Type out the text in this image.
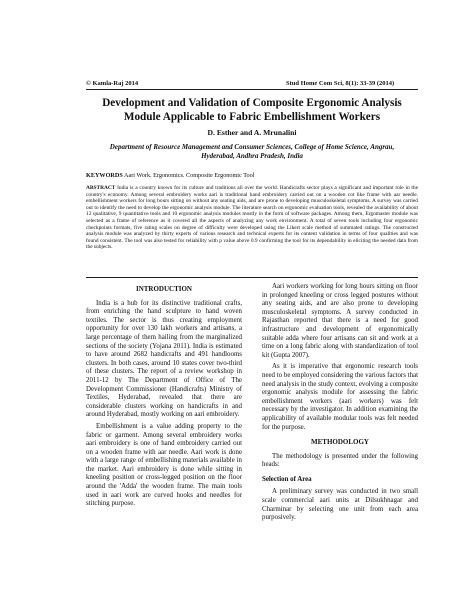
© Kamla-Raj 2014	Stud Home Com Sci, 8(1): 33-39 (2014)
Development and Validation of Composite Ergonomic Analysis Module Applicable to Fabric Embellishment Workers
D. Esther and A. Mrunalini
Department of Resource Management and Consumer Sciences, College of Home Science, Angrau, Hyderabad, Andhra Pradesh, India
KEYWORDS Aari Work. Ergonomics. Composite Ergonomic Tool
ABSTRACT India is a country known for its culture and traditions all over the world. Handicrafts sector plays a significant and important role in the country's economy. Among several embroidery works aari is traditional hand embroidery carried out on a wooden cot like frame with aar needle. embellishment workers for long hours sitting on without any seating aids, and are prone to developing musculoskeletal symptoms. A survey was carried out to identify the need to develop the ergonomic analysis module. The literature search on ergonomic evaluation tools, revealed the availability of about 12 qualitative, 9 quantitative tools and 10 ergonomic analysis modules mostly in the form of software packages. Among them, Ergomaster module was selected as a frame of reference as it covered all the aspects of analyzing any work environment. A total of seven tools including four ergonomic checkpoints formats, five rating scales on degree of difficulty were developed using the Likert scale method of summated ratings. The constructed analysis module was analyzed by thirty experts of various research and technical experts for its content validation in terms of four qualities and was found consistent. The tool was also tested for reliability with p value above 0.9 confirming the tool for its dependability in eliciting the needed data from the subjects.
INTRODUCTION

India is a hub for its distinctive traditional crafts, from enriching the hand sculpture to hand woven textiles. The sector is thus creating employment opportunity for over 130 lakh workers and artisans, a large percentage of them hailing from the marginalized sections of the society (Yojana 2011). India is estimated to have around 2682 handicrafts and 491 handlooms clusters. In both cases, around 10 states cover two-third of these clusters. The report of a review workshop in 2011-12 by The Department of Office of The Development Commissioner (Handicrafts) Ministry of Textiles, Hyderabad, revealed that there are considerable clusters working on handicrafts in and around Hyderabad, mostly working on aari embroidery.

Embellishment is a value adding property to the fabric or garment. Among several embroidery works aari embroidery is one of hand embroidery carried out on a wooden frame with aar needle. Aari work is done with a large range of embellishing materials available in the market. Aari embroidery is done while sitting in kneeling position or cross-legged position on the floor around the 'Adda' the wooden frame. The main tools used in aari work are curved hooks and needles for stitching purpose.

Aari workers working for long hours sitting on floor in prolonged kneeling or cross legged postures without any seating aids, and are also prone to developing musculoskeletal symptoms. A survey conducted in Rajasthan reported that there is a need for good infrastructure and development of ergonomically suitable adda where four artisans can sit and work at a time on a long fabric along with standardization of tool kit (Gupta 2007).

As it is imperative that ergonomic research tools need to be employed considering the various factors that need analysis in the study context, evolving a composite ergonomic analysis module for assessing the fabric embellishment workers (aari workers) was felt necessary by the investigator. In addition examining the applicability of available modular tools was felt needed for the purpose.

METHODOLOGY

The methodology is presented under the following heads:

Selection of Area

A preliminary survey was conducted in two small scale commercial aari units at Dilsukhnagar and Charminar by selecting one unit from each area purposively.
